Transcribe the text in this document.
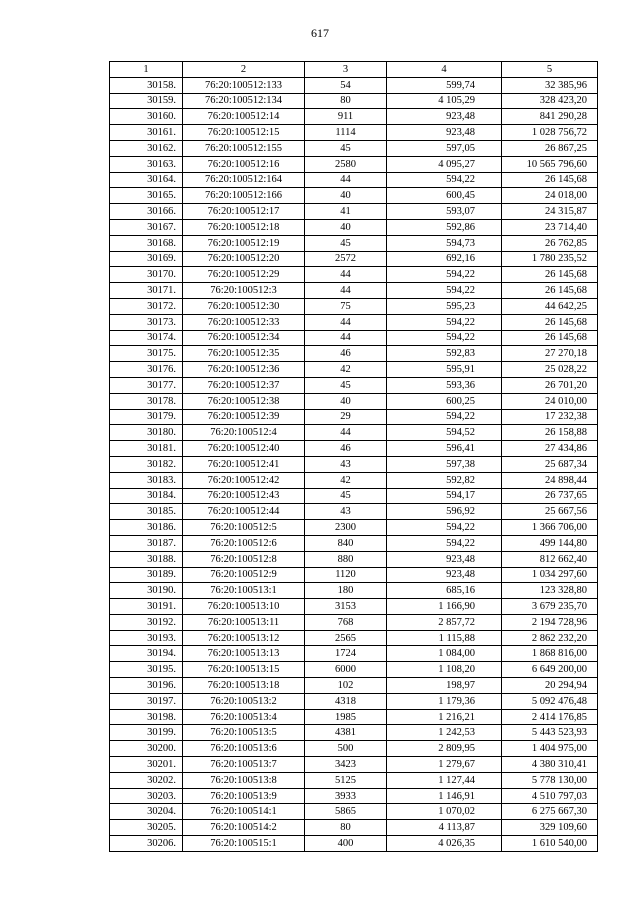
617
1	2	3	4	5
30158.	76:20:100512:133	54	599,74	32 385,96
30159.	76:20:100512:134	80	4 105,29	328 423,20
30160.	76:20:100512:14	911	923,48	841 290,28
30161.	76:20:100512:15	1114	923,48	1 028 756,72
30162.	76:20:100512:155	45	597,05	26 867,25
30163.	76:20:100512:16	2580	4 095,27	10 565 796,60
30164.	76:20:100512:164	44	594,22	26 145,68
30165.	76:20:100512:166	40	600,45	24 018,00
30166.	76:20:100512:17	41	593,07	24 315,87
30167.	76:20:100512:18	40	592,86	23 714,40
30168.	76:20:100512:19	45	594,73	26 762,85
30169.	76:20:100512:20	2572	692,16	1 780 235,52
30170.	76:20:100512:29	44	594,22	26 145,68
30171.	76:20:100512:3	44	594,22	26 145,68
30172.	76:20:100512:30	75	595,23	44 642,25
30173.	76:20:100512:33	44	594,22	26 145,68
30174.	76:20:100512:34	44	594,22	26 145,68
30175.	76:20:100512:35	46	592,83	27 270,18
30176.	76:20:100512:36	42	595,91	25 028,22
30177.	76:20:100512:37	45	593,36	26 701,20
30178.	76:20:100512:38	40	600,25	24 010,00
30179.	76:20:100512:39	29	594,22	17 232,38
30180.	76:20:100512:4	44	594,52	26 158,88
30181.	76:20:100512:40	46	596,41	27 434,86
30182.	76:20:100512:41	43	597,38	25 687,34
30183.	76:20:100512:42	42	592,82	24 898,44
30184.	76:20:100512:43	45	594,17	26 737,65
30185.	76:20:100512:44	43	596,92	25 667,56
30186.	76:20:100512:5	2300	594,22	1 366 706,00
30187.	76:20:100512:6	840	594,22	499 144,80
30188.	76:20:100512:8	880	923,48	812 662,40
30189.	76:20:100512:9	1120	923,48	1 034 297,60
30190.	76:20:100513:1	180	685,16	123 328,80
30191.	76:20:100513:10	3153	1 166,90	3 679 235,70
30192.	76:20:100513:11	768	2 857,72	2 194 728,96
30193.	76:20:100513:12	2565	1 115,88	2 862 232,20
30194.	76:20:100513:13	1724	1 084,00	1 868 816,00
30195.	76:20:100513:15	6000	1 108,20	6 649 200,00
30196.	76:20:100513:18	102	198,97	20 294,94
30197.	76:20:100513:2	4318	1 179,36	5 092 476,48
30198.	76:20:100513:4	1985	1 216,21	2 414 176,85
30199.	76:20:100513:5	4381	1 242,53	5 443 523,93
30200.	76:20:100513:6	500	2 809,95	1 404 975,00
30201.	76:20:100513:7	3423	1 279,67	4 380 310,41
30202.	76:20:100513:8	5125	1 127,44	5 778 130,00
30203.	76:20:100513:9	3933	1 146,91	4 510 797,03
30204.	76:20:100514:1	5865	1 070,02	6 275 667,30
30205.	76:20:100514:2	80	4 113,87	329 109,60
30206.	76:20:100515:1	400	4 026,35	1 610 540,00
